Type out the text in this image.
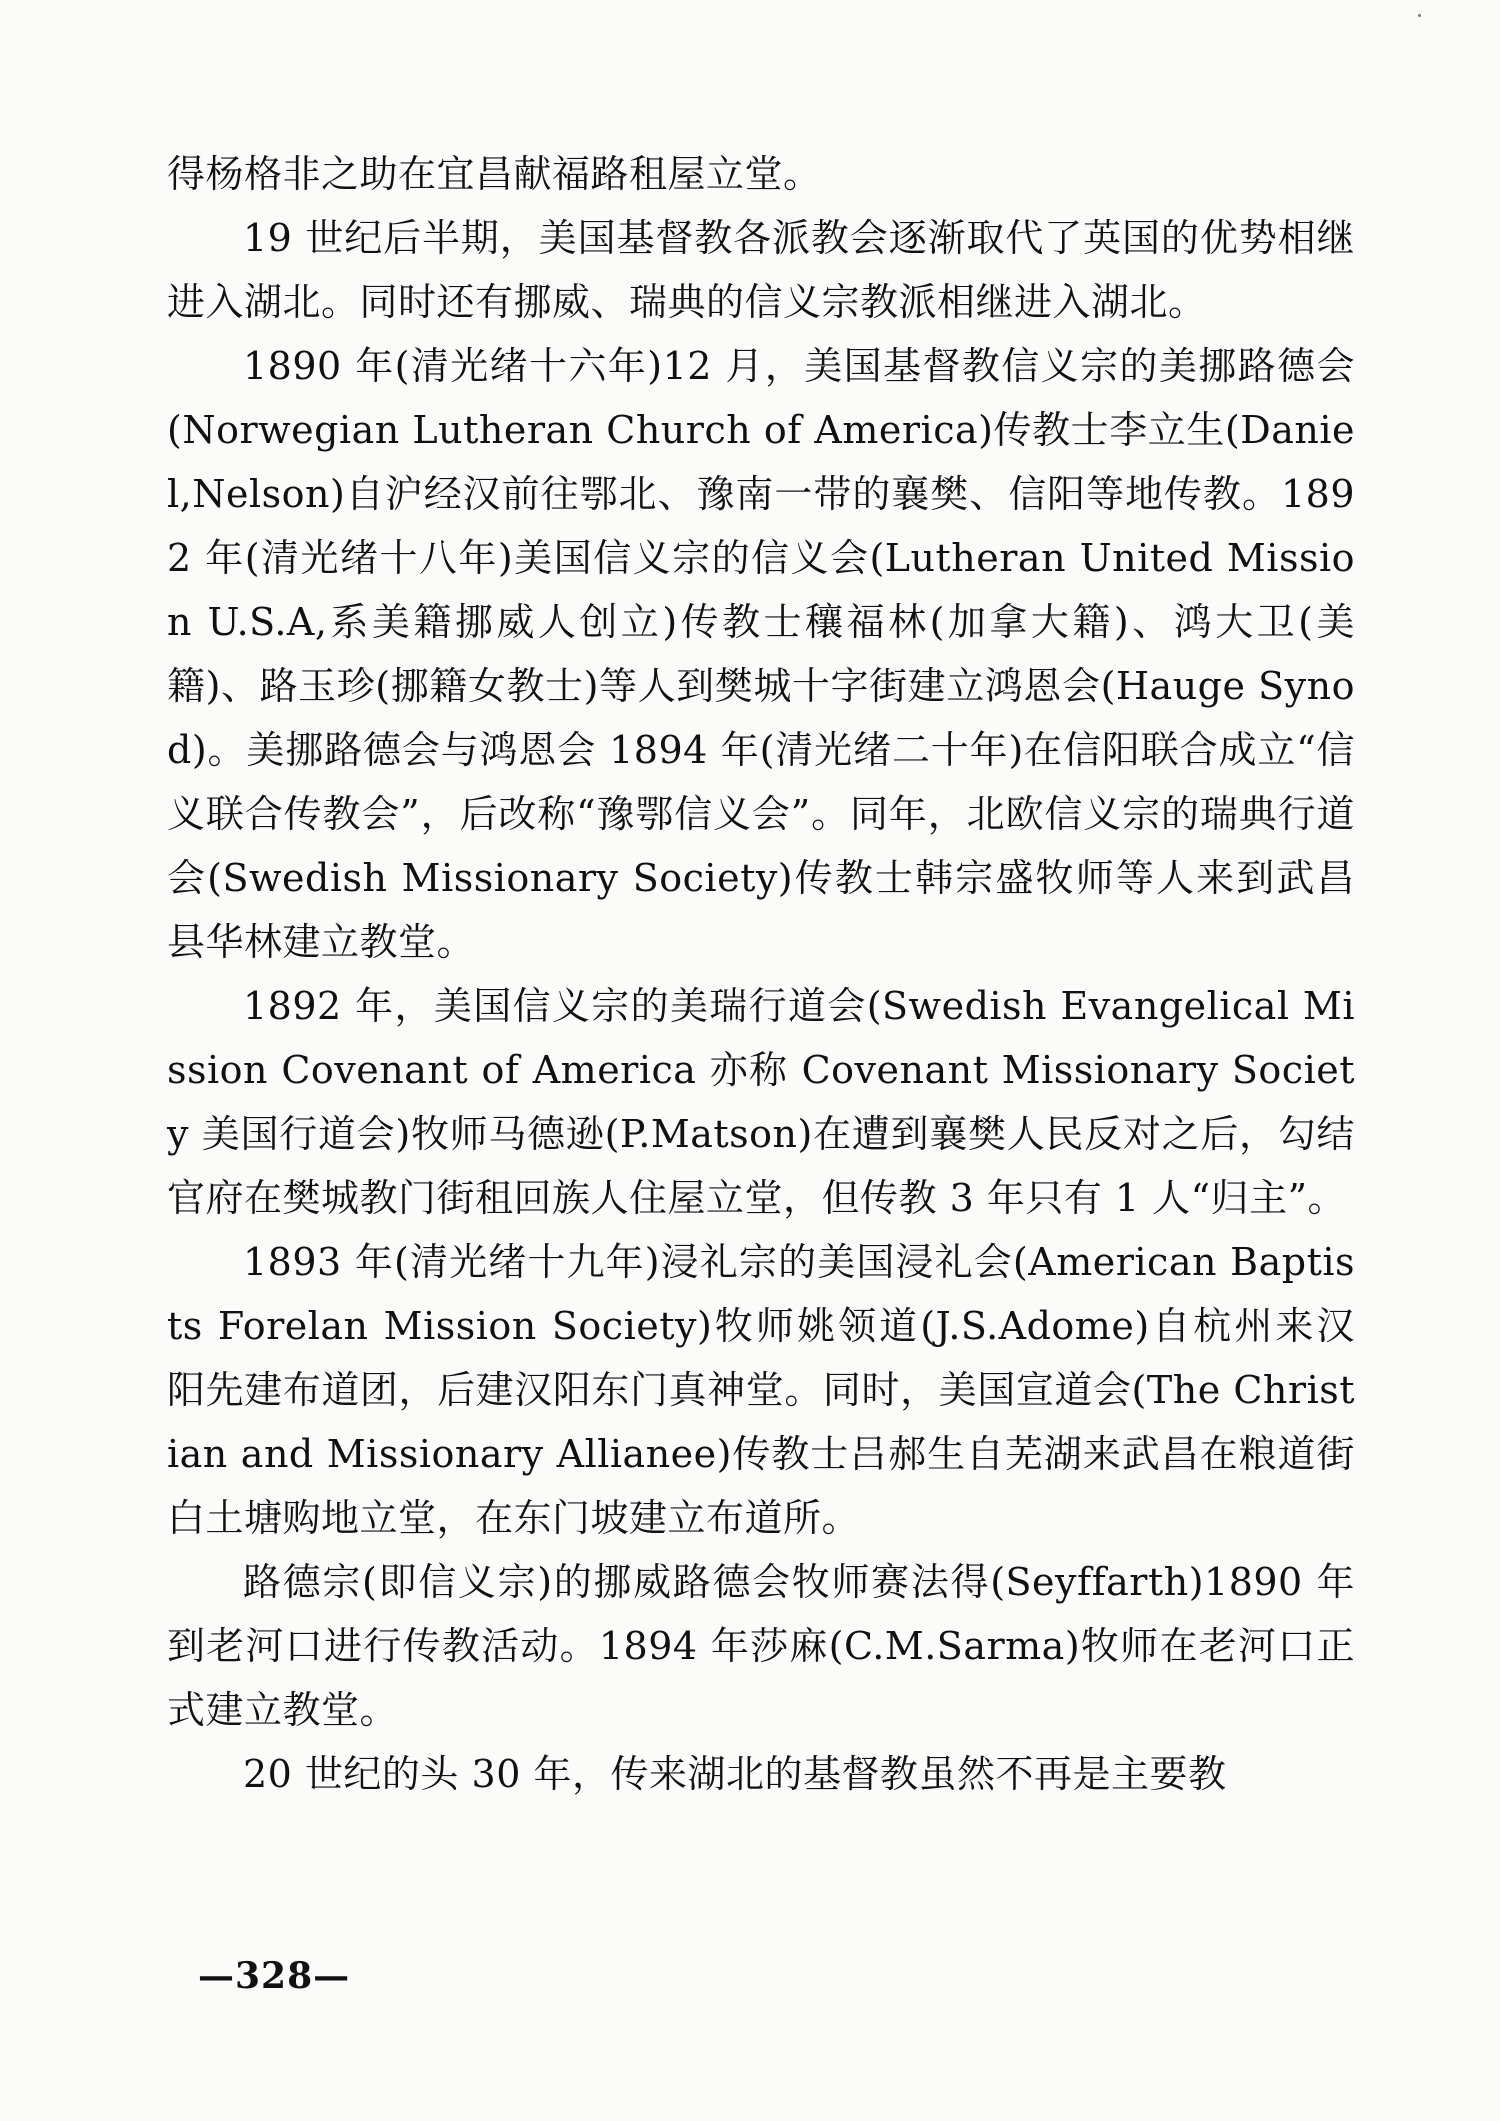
得杨格非之助在宜昌献福路租屋立堂。

19 世纪后半期，美国基督教各派教会逐渐取代了英国的优势相继进入湖北。同时还有挪威、瑞典的信义宗教派相继进入湖北。

1890 年(清光绪十六年)12 月，美国基督教信义宗的美挪路德会(Norwegian Lutheran Church of America)传教士李立生(Daniel,Nelson)自沪经汉前往鄂北、豫南一带的襄樊、信阳等地传教。1892 年(清光绪十八年)美国信义宗的信义会(Lutheran United Mission U.S.A,系美籍挪威人创立)传教士穰福林(加拿大籍)、鸿大卫(美籍)、路玉珍(挪籍女教士)等人到樊城十字街建立鸿恩会(Hauge Synod)。美挪路德会与鸿恩会 1894 年(清光绪二十年)在信阳联合成立“信义联合传教会”，后改称“豫鄂信义会”。同年，北欧信义宗的瑞典行道会(Swedish Missionary Society)传教士韩宗盛牧师等人来到武昌县华林建立教堂。

1892 年，美国信义宗的美瑞行道会(Swedish Evangelical Mission Covenant of America 亦称 Covenant Missionary Society 美国行道会)牧师马德逊(P.Matson)在遭到襄樊人民反对之后，勾结官府在樊城教门街租回族人住屋立堂，但传教 3 年只有 1 人“归主”。

1893 年(清光绪十九年)浸礼宗的美国浸礼会(American Baptists Forelan Mission Society)牧师姚领道(J.S.Adome)自杭州来汉阳先建布道团，后建汉阳东门真神堂。同时，美国宣道会(The Christian and Missionary Allianee)传教士吕郝生自芜湖来武昌在粮道街白土塘购地立堂，在东门坡建立布道所。

路德宗(即信义宗)的挪威路德会牧师赛法得(Seyffarth)1890 年到老河口进行传教活动。1894 年莎麻(C.M.Sarma)牧师在老河口正式建立教堂。

20 世纪的头 30 年，传来湖北的基督教虽然不再是主要教

—328—
